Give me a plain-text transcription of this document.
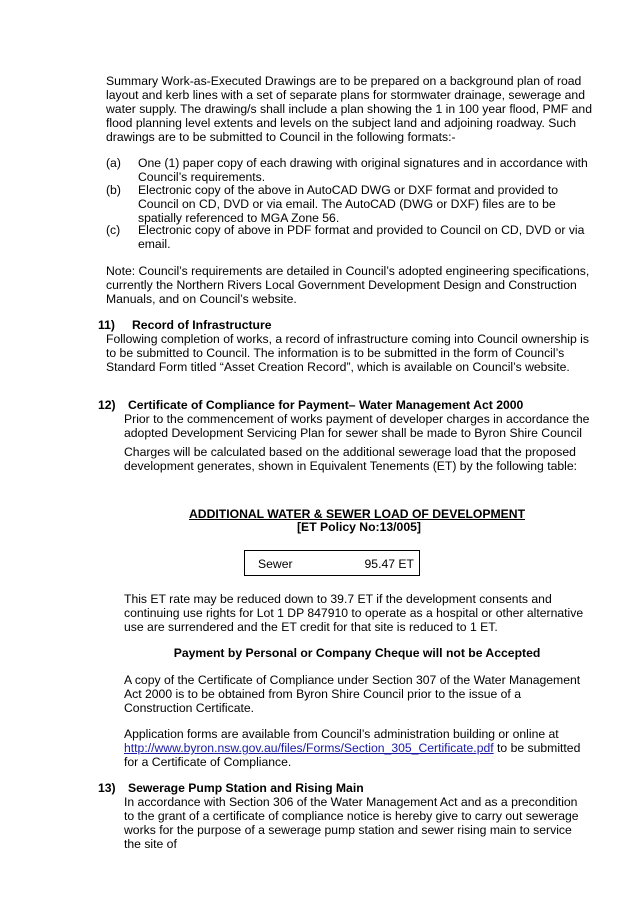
Summary Work-as-Executed Drawings are to be prepared on a background plan of road layout and kerb lines with a set of separate plans for stormwater drainage, sewerage and water supply. The drawing/s shall include a plan showing the 1 in 100 year flood, PMF and flood planning level extents and levels on the subject land and adjoining roadway. Such drawings are to be submitted to Council in the following formats:-

(a) One (1) paper copy of each drawing with original signatures and in accordance with Council’s requirements.
(b) Electronic copy of the above in AutoCAD DWG or DXF format and provided to Council on CD, DVD or via email. The AutoCAD (DWG or DXF) files are to be spatially referenced to MGA Zone 56.
(c) Electronic copy of above in PDF format and provided to Council on CD, DVD or via email.

Note: Council’s requirements are detailed in Council’s adopted engineering specifications, currently the Northern Rivers Local Government Development Design and Construction Manuals, and on Council’s website.

11) Record of Infrastructure

Following completion of works, a record of infrastructure coming into Council ownership is to be submitted to Council. The information is to be submitted in the form of Council’s Standard Form titled “Asset Creation Record”, which is available on Council’s website.

12) Certificate of Compliance for Payment– Water Management Act 2000

Prior to the commencement of works payment of developer charges in accordance the adopted Development Servicing Plan for sewer shall be made to Byron Shire Council

Charges will be calculated based on the additional sewerage load that the proposed development generates, shown in Equivalent Tenements (ET) by the following table:

ADDITIONAL WATER & SEWER LOAD OF DEVELOPMENT

[ET Policy No:13/005]

Sewer	95.47 ET

This ET rate may be reduced down to 39.7 ET if the development consents and continuing use rights for Lot 1 DP 847910 to operate as a hospital or other alternative use are surrendered and the ET credit for that site is reduced to 1 ET.

Payment by Personal or Company Cheque will not be Accepted

A copy of the Certificate of Compliance under Section 307 of the Water Management Act 2000 is to be obtained from Byron Shire Council prior to the issue of a Construction Certificate.

Application forms are available from Council’s administration building or online at
http://www.byron.nsw.gov.au/files/Forms/Section_305_Certificate.pdf to be submitted for a Certificate of Compliance.

13) Sewerage Pump Station and Rising Main

In accordance with Section 306 of the Water Management Act and as a precondition to the grant of a certificate of compliance notice is hereby give to carry out sewerage works for the purpose of a sewerage pump station and sewer rising main to service the site of
